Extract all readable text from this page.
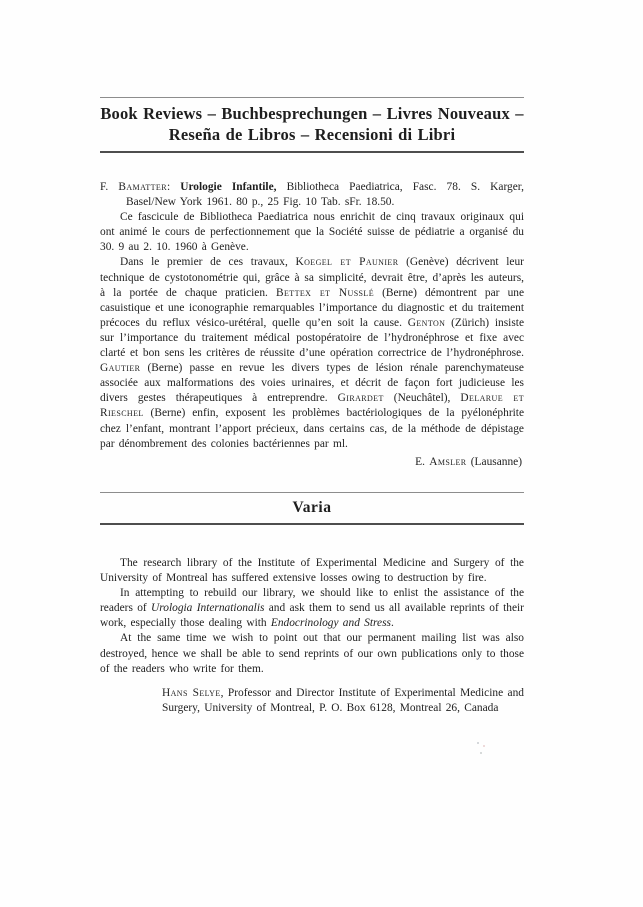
Book Reviews – Buchbesprechungen – Livres Nouveaux –
Reseña de Libros – Recensioni di Libri

F. Bamatter: Urologie Infantile, Bibliotheca Paediatrica, Fasc. 78. S. Karger, Basel/New York 1961. 80 p., 25 Fig. 10 Tab. sFr. 18.50.

Ce fascicule de Bibliotheca Paediatrica nous enrichit de cinq travaux originaux qui ont animé le cours de perfectionnement que la Société suisse de pédiatrie a organisé du 30. 9 au 2. 10. 1960 à Genève.

Dans le premier de ces travaux, Koegel et Paunier (Genève) décrivent leur technique de cystotonométrie qui, grâce à sa simplicité, devrait être, d’après les auteurs, à la portée de chaque praticien. Bettex et Nusslé (Berne) démontrent par une casuistique et une iconographie remarquables l’importance du diagnostic et du traitement précoces du reflux vésico-urétéral, quelle qu’en soit la cause. Genton (Zürich) insiste sur l’importance du traitement médical postopératoire de l’hydronéphrose et fixe avec clarté et bon sens les critères de réussite d’une opération correctrice de l’hydronéphrose. Gautier (Berne) passe en revue les divers types de lésion rénale parenchymateuse associée aux malformations des voies urinaires, et décrit de façon fort judicieuse les divers gestes thérapeutiques à entreprendre. Girardet (Neuchâtel), Delarue et Rieschel (Berne) enfin, exposent les problèmes bactériologiques de la pyélonéphrite chez l’enfant, montrant l’apport précieux, dans certains cas, de la méthode de dépistage par dénombrement des colonies bactériennes par ml.

E. Amsler (Lausanne)

Varia

The research library of the Institute of Experimental Medicine and Surgery of the University of Montreal has suffered extensive losses owing to destruction by fire.

In attempting to rebuild our library, we should like to enlist the assistance of the readers of Urologia Internationalis and ask them to send us all available reprints of their work, especially those dealing with Endocrinology and Stress.

At the same time we wish to point out that our permanent mailing list was also destroyed, hence we shall be able to send reprints of our own publications only to those of the readers who write for them.

Hans Selye, Professor and Director Institute of Experimental Medicine and Surgery, University of Montreal, P. O. Box 6128, Montreal 26, Canada
